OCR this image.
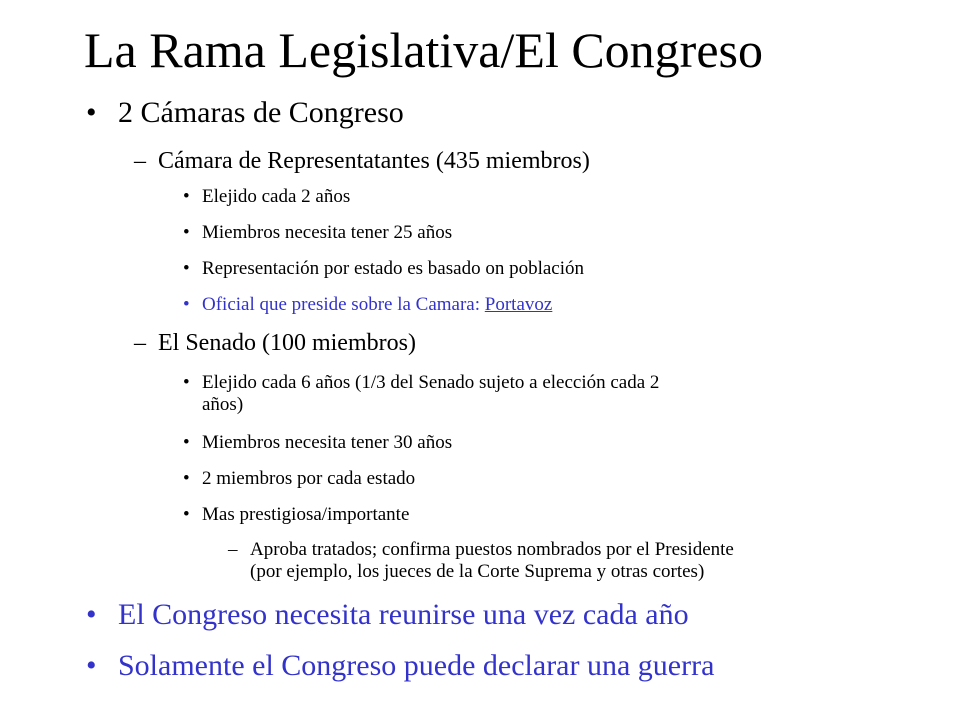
La Rama Legislativa/El Congreso
• 2 Cámaras de Congreso
– Cámara de Representatantes (435 miembros)
• Elejido cada 2 años
• Miembros necesita tener 25 años
• Representación por estado es basado on población
• Oficial que preside sobre la Camara: Portavoz
– El Senado (100 miembros)
• Elejido cada 6 años (1/3 del Senado sujeto a elección cada 2
años)
• Miembros necesita tener 30 años
• 2 miembros por cada estado
• Mas prestigiosa/importante
– Aproba tratados; confirma puestos nombrados por el Presidente
(por ejemplo, los jueces de la Corte Suprema y otras cortes)
• El Congreso necesita reunirse una vez cada año
• Solamente el Congreso puede declarar una guerra
